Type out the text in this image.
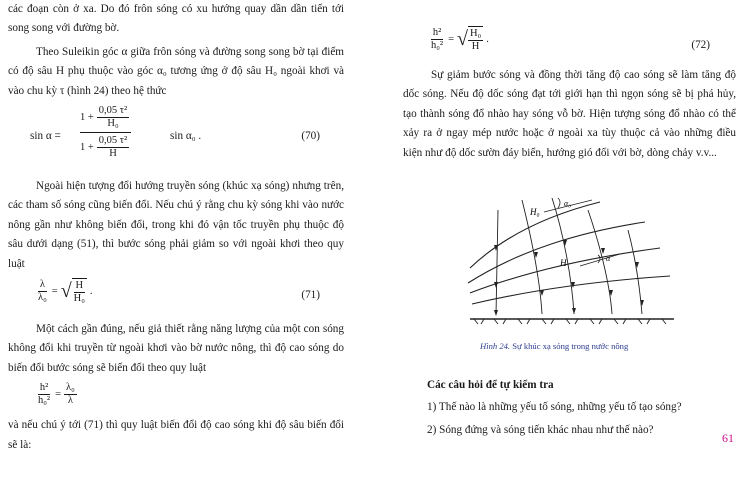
các đoạn còn ở xa. Do đó frôn sóng có xu hướng quay dần dần tiến tới song song với đường bờ.

Theo Suleikin góc α giữa frôn sóng và đường song song bờ tại điểm có độ sâu H phụ thuộc vào góc α₀ tương ứng ở độ sâu H₀ ngoài khơi và vào chu kỳ τ (hình 24) theo hệ thức

sin α =
$1 + \frac{\text{0,05 τ²}}{\text{H₀}}$
$1 + \frac{\text{0,05 τ²}}{H}$	sin α₀ .	(70)

Ngoài hiện tượng đổi hướng truyền sóng (khúc xạ sóng) nhưng trên, các tham số sóng cũng biến đổi. Nếu chú ý rằng chu kỳ sóng khi vào nước nông gần như không biến đổi, trong khi đó vận tốc truyền phụ thuộc độ sâu dưới dạng (51), thì bước sóng phải giảm so với ngoài khơi theo quy luật

$\frac{\lambda}{\text{λ₀}}$ = √ $\frac{H}{\text{H₀}}$ .	(71)

Một cách gần đúng, nếu giả thiết rằng năng lượng của một con sóng không đổi khi truyền từ ngoài khơi vào bờ nước nông, thì độ cao sóng do biến đổi bước sóng sẽ biến đổi theo quy luật

$\frac{\text{h²}}{\text{h₀²}} = \frac{\text{λ₀}}{\lambda}$

và nếu chú ý tới (71) thì quy luật biến đổi độ cao sóng khi độ sâu biến đổi sẽ là:

$\frac{\text{h²}}{\text{h₀²}}$ = √ $\frac{\text{H₀}}{H}$ .	(72)

Sự giảm bước sóng và đồng thời tăng độ cao sóng sẽ làm tăng độ dốc sóng. Nếu độ dốc sóng đạt tới giới hạn thì ngọn sóng sẽ bị phá hủy, tạo thành sóng đổ nhào hay sóng vỗ bờ. Hiện tượng sóng đổ nhào có thể xảy ra ở ngay mép nước hoặc ở ngoài xa tùy thuộc cả vào những điều kiện như độ dốc sườn đáy biển, hướng gió đối với bờ, dòng chảy v.v...

Các câu hỏi để tự kiểm tra

1) Thế nào là những yếu tố sóng, những yếu tố tạo sóng?

2) Sóng đứng và sóng tiến khác nhau như thế nào?

H₀
α₀
H	α
Hình 24. Sự khúc xạ sóng trong nước nông
61
